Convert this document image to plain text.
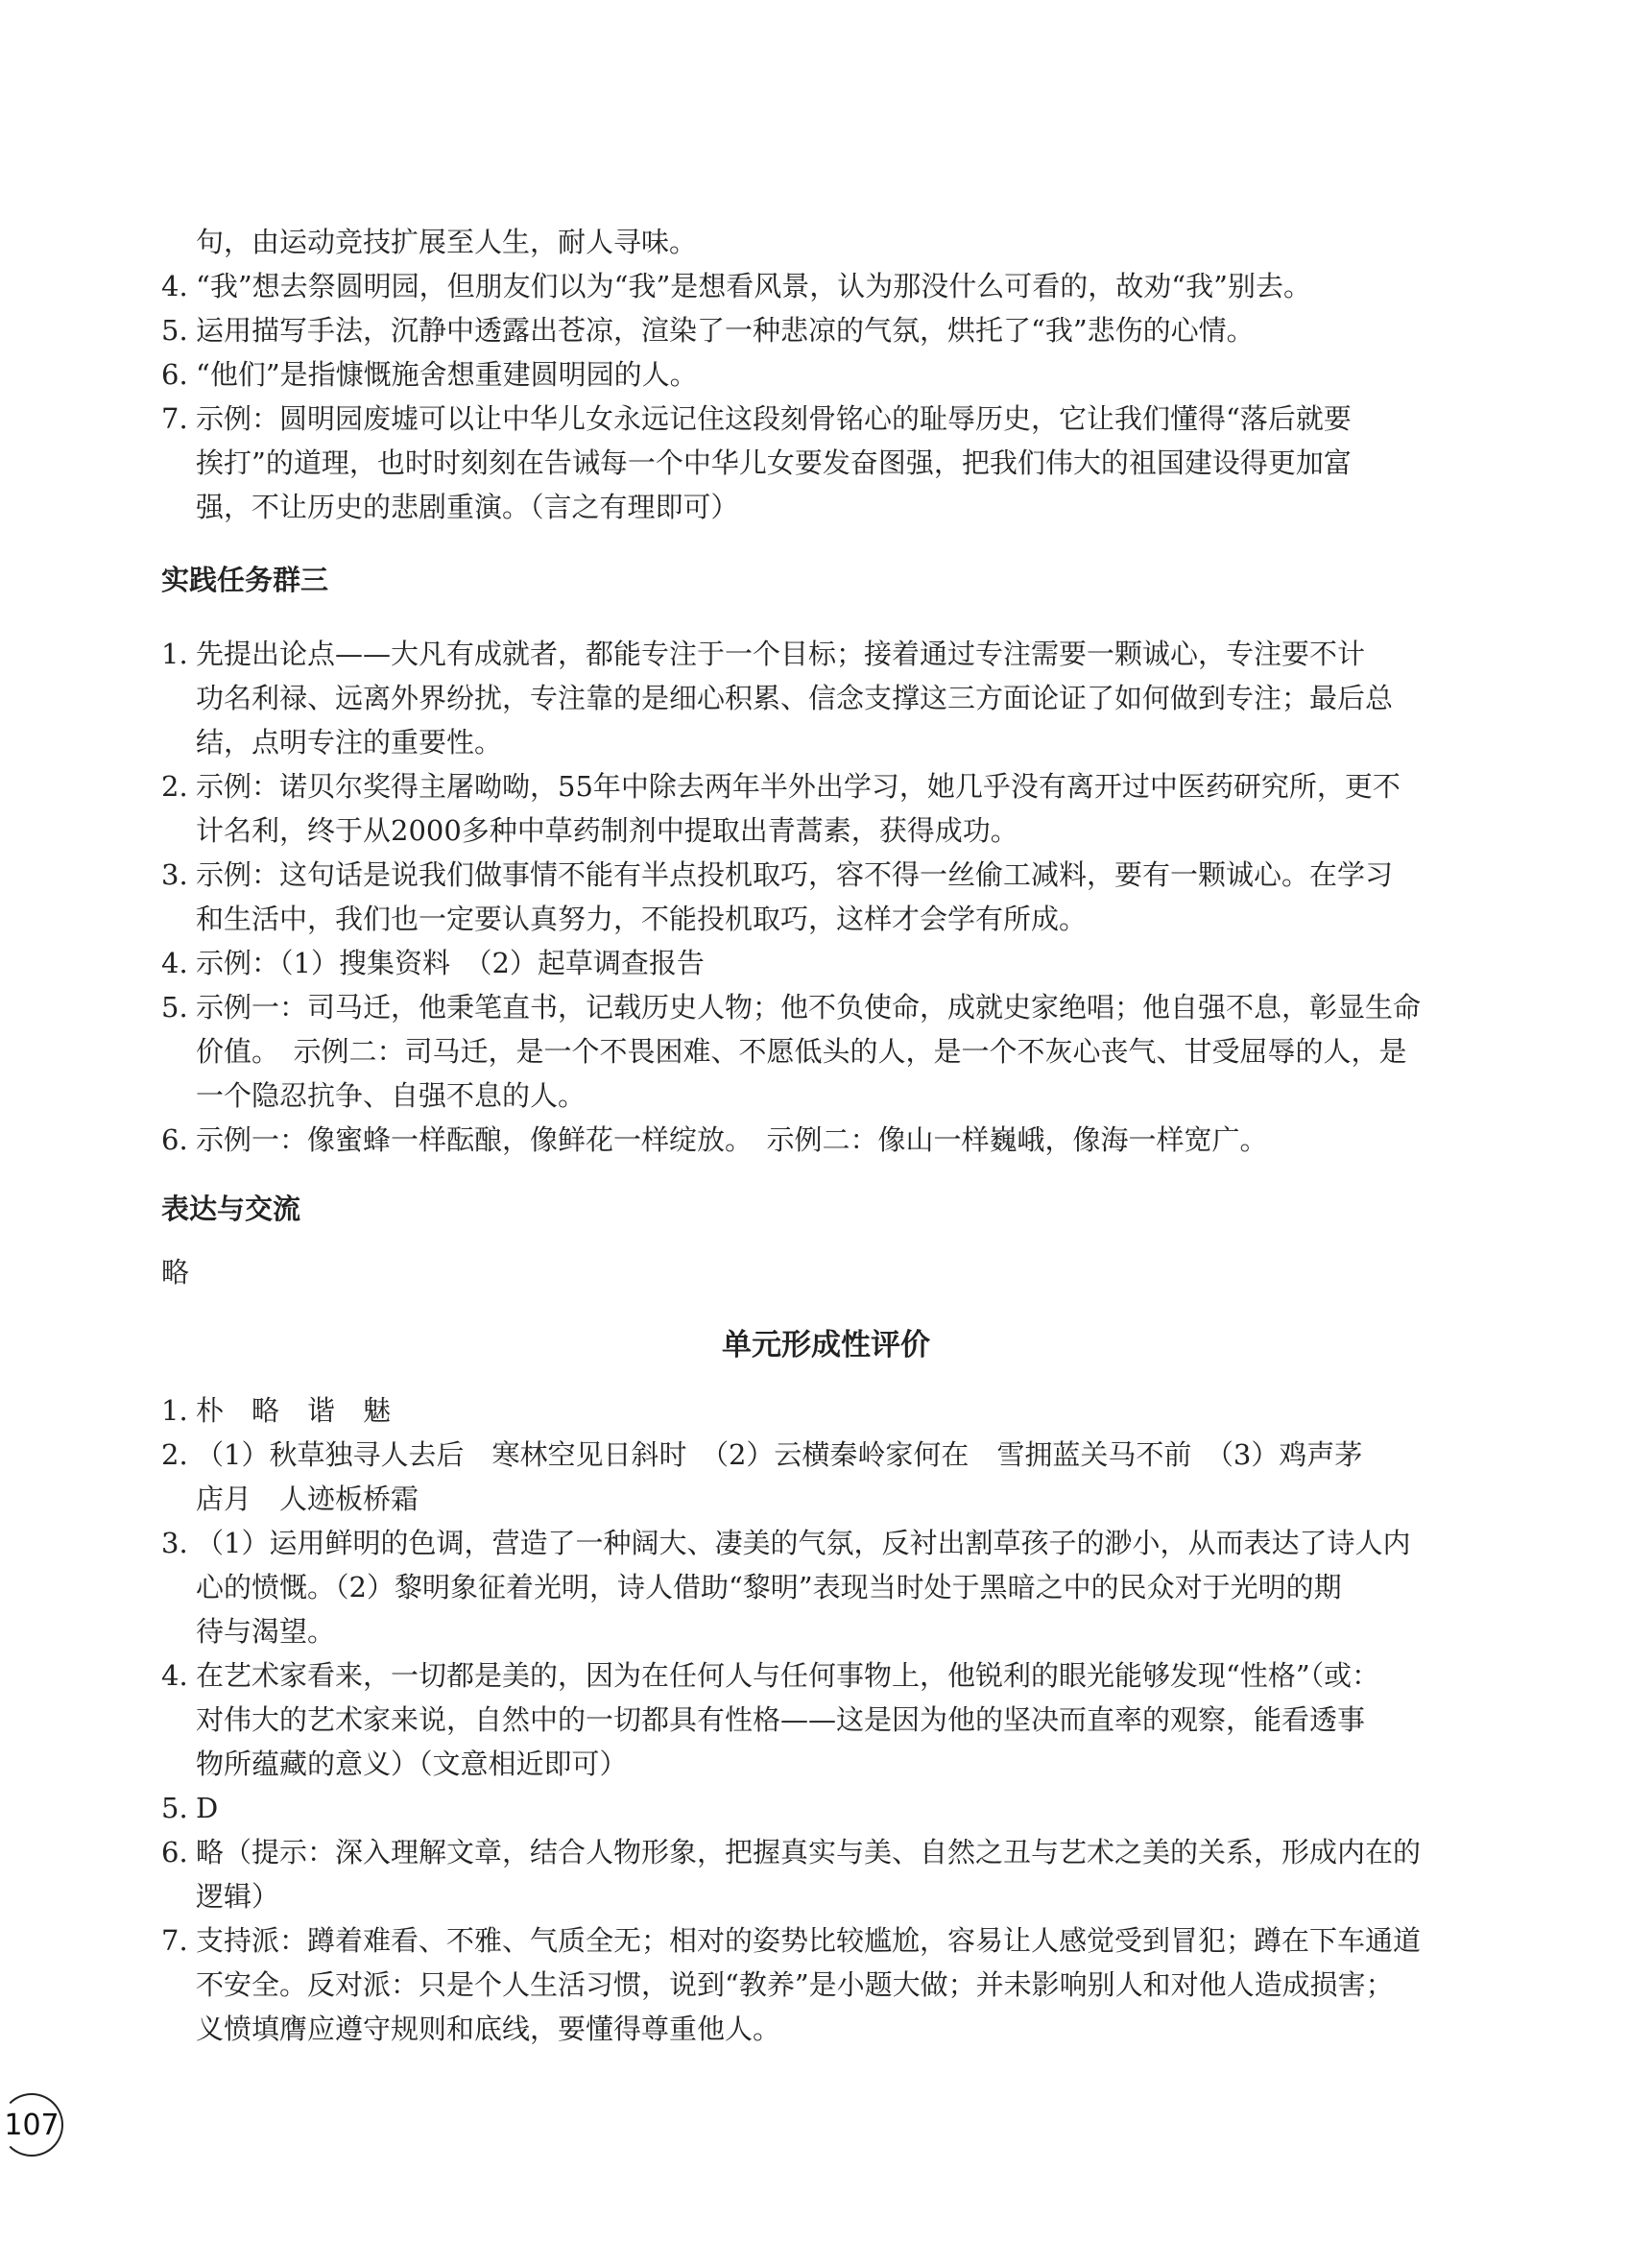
句，由运动竞技扩展至人生，耐人寻味。
4. “我”想去祭圆明园，但朋友们以为“我”是想看风景，认为那没什么可看的，故劝“我”别去。
5. 运用描写手法，沉静中透露出苍凉，渲染了一种悲凉的气氛，烘托了“我”悲伤的心情。
6. “他们”是指慷慨施舍想重建圆明园的人。
7. 示例：圆明园废墟可以让中华儿女永远记住这段刻骨铭心的耻辱历史，它让我们懂得“落后就要
挨打”的道理，也时时刻刻在告诫每一个中华儿女要发奋图强，把我们伟大的祖国建设得更加富
强，不让历史的悲剧重演。（言之有理即可）
实践任务群三
1. 先提出论点——大凡有成就者，都能专注于一个目标；接着通过专注需要一颗诚心，专注要不计
功名利禄、远离外界纷扰，专注靠的是细心积累、信念支撑这三方面论证了如何做到专注；最后总
结，点明专注的重要性。
2. 示例：诺贝尔奖得主屠呦呦，55年中除去两年半外出学习，她几乎没有离开过中医药研究所，更不
计名利，终于从2000多种中草药制剂中提取出青蒿素，获得成功。
3. 示例：这句话是说我们做事情不能有半点投机取巧，容不得一丝偷工减料，要有一颗诚心。在学习
和生活中，我们也一定要认真努力，不能投机取巧，这样才会学有所成。
4. 示例：（1）搜集资料　（2）起草调查报告
5. 示例一：司马迁，他秉笔直书，记载历史人物；他不负使命，成就史家绝唱；他自强不息，彰显生命
价值。　示例二：司马迁，是一个不畏困难、不愿低头的人，是一个不灰心丧气、甘受屈辱的人，是
一个隐忍抗争、自强不息的人。
6. 示例一：像蜜蜂一样酝酿，像鲜花一样绽放。　示例二：像山一样巍峨，像海一样宽广。
表达与交流
略
单元形成性评价
1. 朴　略　谐　魅
2. （1）秋草独寻人去后　寒林空见日斜时　（2）云横秦岭家何在　雪拥蓝关马不前　（3）鸡声茅
店月　人迹板桥霜
3. （1）运用鲜明的色调，营造了一种阔大、凄美的气氛，反衬出割草孩子的渺小，从而表达了诗人内
心的愤慨。（2）黎明象征着光明，诗人借助“黎明”表现当时处于黑暗之中的民众对于光明的期
待与渴望。
4. 在艺术家看来，一切都是美的，因为在任何人与任何事物上，他锐利的眼光能够发现“性格”（或：
对伟大的艺术家来说，自然中的一切都具有性格——这是因为他的坚决而直率的观察，能看透事
物所蕴藏的意义）（文意相近即可）
5. D
6. 略（提示：深入理解文章，结合人物形象，把握真实与美、自然之丑与艺术之美的关系，形成内在的
逻辑）
7. 支持派：蹲着难看、不雅、气质全无；相对的姿势比较尴尬，容易让人感觉受到冒犯；蹲在下车通道
不安全。反对派：只是个人生活习惯，说到“教养”是小题大做；并未影响别人和对他人造成损害；
义愤填膺应遵守规则和底线，要懂得尊重他人。
107
